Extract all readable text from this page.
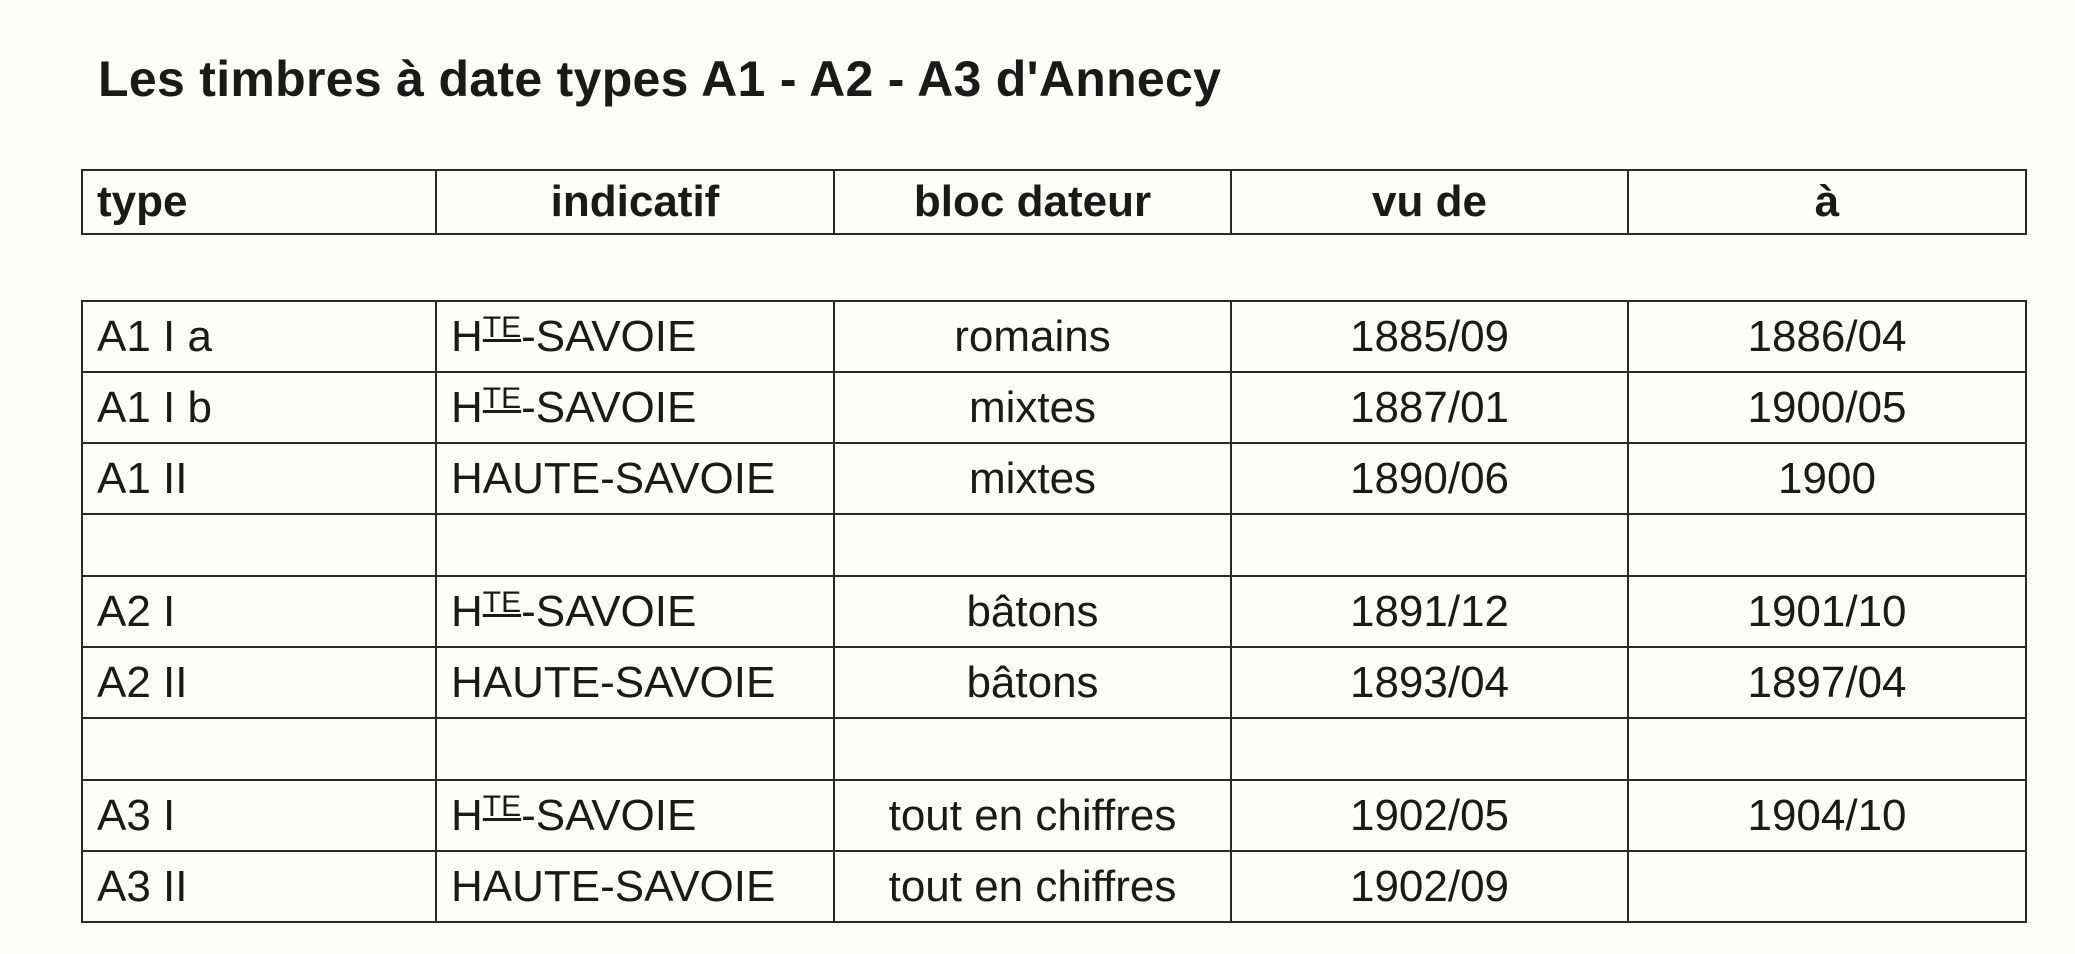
Les timbres à date types A1 - A2 - A3 d'Annecy
type	indicatif	bloc dateur	vu de	à
A1 I a	$H^{TE}$-SAVOIE	romains	1885/09	1886/04
A1 I b	$H^{TE}$-SAVOIE	mixtes	1887/01	1900/05
A1 II	HAUTE-SAVOIE	mixtes	1890/06	1900

A2 I	$H^{TE}$-SAVOIE	bâtons	1891/12	1901/10
A2 II	HAUTE-SAVOIE	bâtons	1893/04	1897/04

A3 I	$H^{TE}$-SAVOIE	tout en chiffres	1902/05	1904/10
A3 II	HAUTE-SAVOIE	tout en chiffres	1902/09	
